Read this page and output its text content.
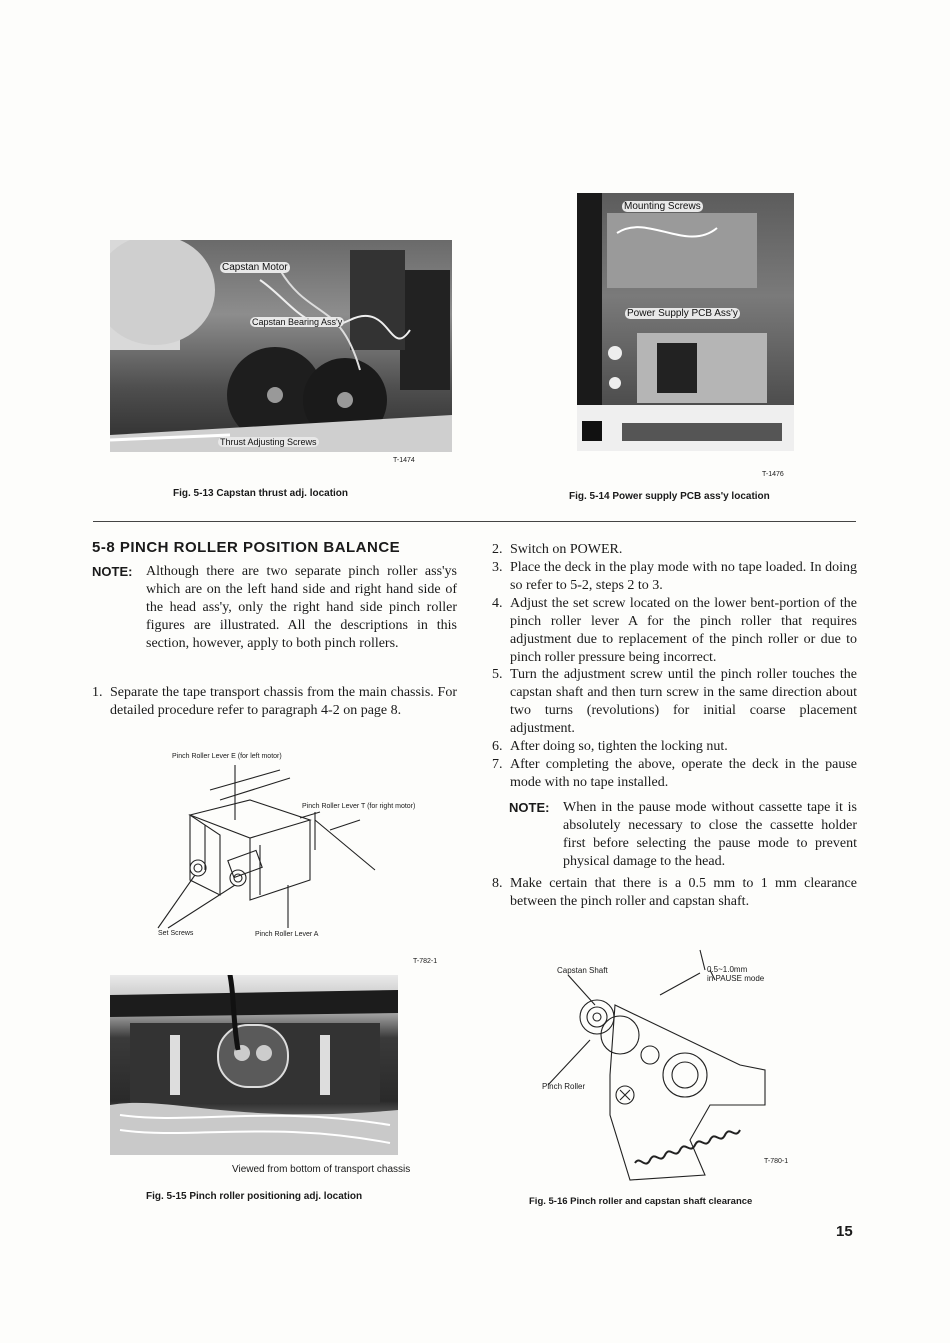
Capstan Motor
Capstan Bearing Ass'y
Thrust Adjusting Screws
T-1474
Fig. 5-13 Capstan thrust adj. location
Mounting Screws
Power Supply PCB Ass'y
T-1476
Fig. 5-14 Power supply PCB ass'y location
5-8 PINCH ROLLER POSITION BALANCE
NOTE: Although there are two separate pinch roller ass'ys which are on the left hand side and right hand side of the head ass'y, only the right hand side pinch roller figures are illustrated. All the descriptions in this section, however, apply to both pinch rollers.
1. Separate the tape transport chassis from the main chassis. For detailed procedure refer to paragraph 4-2 on page 8.
Pinch Roller Lever E (for left motor)
Pinch Roller Lever T (for right motor)
Set Screws	Pinch Roller Lever A
T-782-1
Viewed from bottom of transport chassis
Fig. 5-15 Pinch roller positioning adj. location
2. Switch on POWER.
3. Place the deck in the play mode with no tape loaded. In doing so refer to 5-2, steps 2 to 3.
4. Adjust the set screw located on the lower bent-portion of the pinch roller lever A for the pinch roller that requires adjustment due to replacement of the pinch roller or due to pinch roller pressure being incorrect.
5. Turn the adjustment screw until the pinch roller touches the capstan shaft and then turn screw in the same direction about two turns (revolutions) for initial coarse placement adjustment.
6. After doing so, tighten the locking nut.
7. After completing the above, operate the deck in the pause mode with no tape installed.
NOTE: When in the pause mode without cassette tape it is absolutely necessary to close the cassette holder first before selecting the pause mode to prevent physical damage to the head.
8. Make certain that there is a 0.5 mm to 1 mm clearance between the pinch roller and capstan shaft.
Capstan Shaft	0.5~1.0mm
in PAUSE mode
Pinch Roller
T-780-1
Fig. 5-16 Pinch roller and capstan shaft clearance
15
